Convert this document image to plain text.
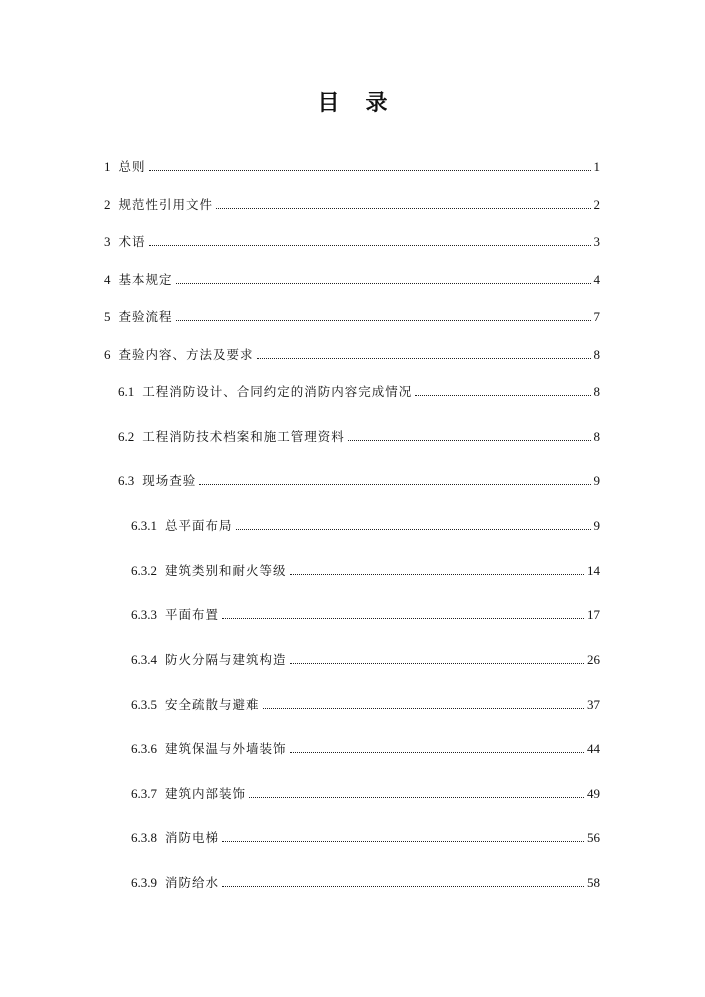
目 录
1 总则	1
2 规范性引用文件	2
3 术语	3
4 基本规定	4
5 查验流程	7
6 查验内容、方法及要求	8
6.1 工程消防设计、合同约定的消防内容完成情况	8
6.2 工程消防技术档案和施工管理资料	8
6.3 现场查验	9
6.3.1 总平面布局	9
6.3.2 建筑类别和耐火等级	14
6.3.3 平面布置	17
6.3.4 防火分隔与建筑构造	26
6.3.5 安全疏散与避难	37
6.3.6 建筑保温与外墙装饰	44
6.3.7 建筑内部装饰	49
6.3.8 消防电梯	56
6.3.9 消防给水	58
